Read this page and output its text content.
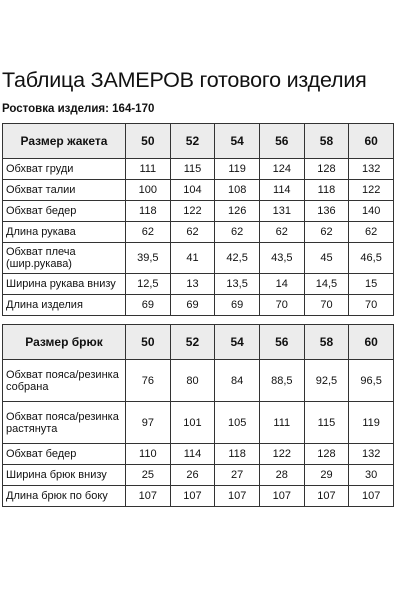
Таблица ЗАМЕРОВ готового изделия
Ростовка изделия: 164-170
Размер жакета	50	52	54	56	58	60
Обхват груди	111	115	119	124	128	132
Обхват талии	100	104	108	114	118	122
Обхват бедер	118	122	126	131	136	140
Длина рукава	62	62	62	62	62	62
Обхват плеча (шир.рукава)	39,5	41	42,5	43,5	45	46,5
Ширина рукава внизу	12,5	13	13,5	14	14,5	15
Длина изделия	69	69	69	70	70	70
Размер брюк	50	52	54	56	58	60
Обхват пояса/резинка собрана	76	80	84	88,5	92,5	96,5
Обхват пояса/резинка растянута	97	101	105	111	115	119
Обхват бедер	110	114	118	122	128	132
Ширина брюк внизу	25	26	27	28	29	30
Длина брюк по боку	107	107	107	107	107	107
